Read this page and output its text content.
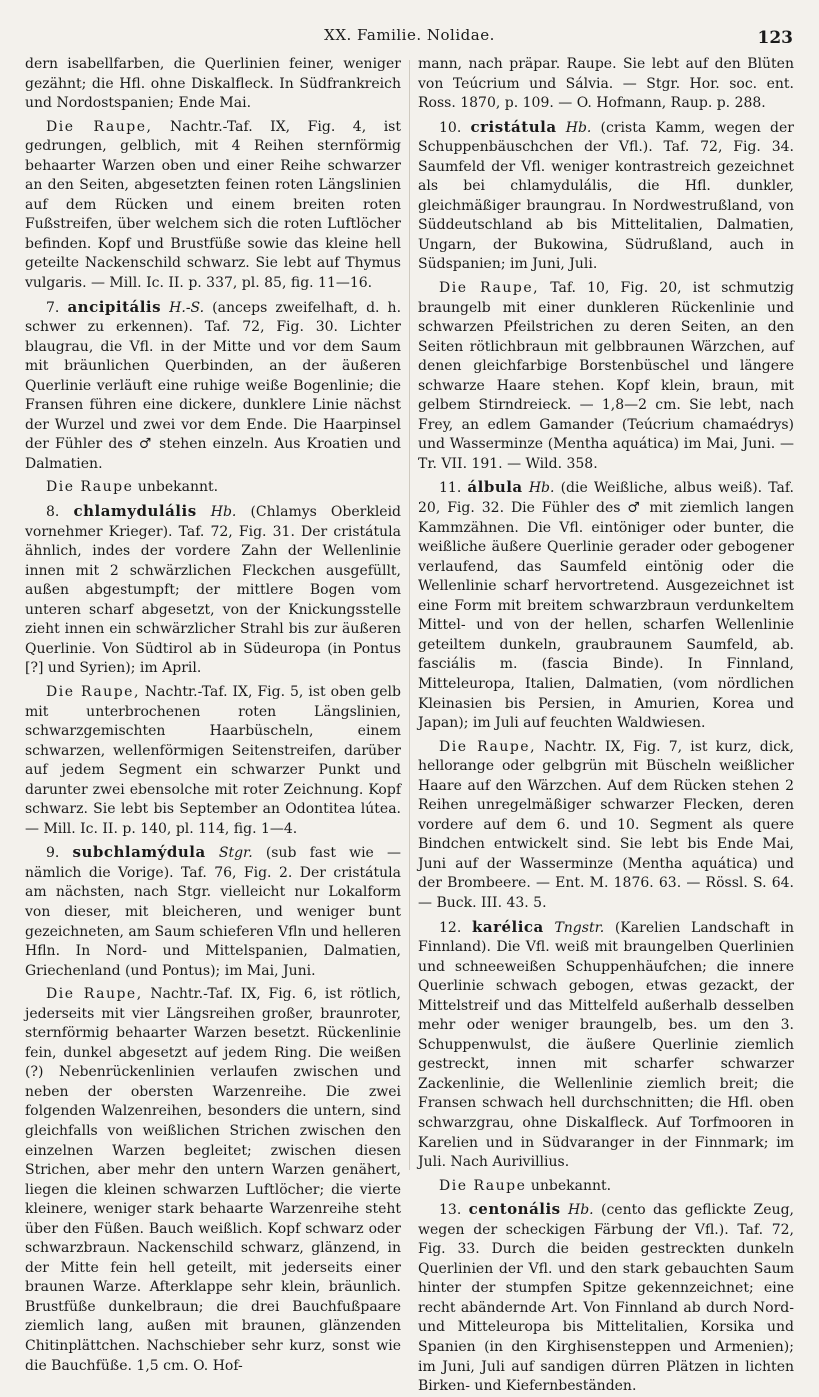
XX. Familie. Nolidae.	123

dern isabellfarben, die Querlinien feiner, weniger gezähnt; die Hfl. ohne Diskalfleck. In Südfrankreich und Nordostspanien; Ende Mai.

Die Raupe, Nachtr.-Taf. IX, Fig. 4, ist gedrungen, gelblich, mit 4 Reihen sternförmig behaarter Warzen oben und einer Reihe schwarzer an den Seiten, abgesetzten feinen roten Längslinien auf dem Rücken und einem breiten roten Fußstreifen, über welchem sich die roten Luftlöcher befinden. Kopf und Brustfüße sowie das kleine hell geteilte Nackenschild schwarz. Sie lebt auf Thymus vulgaris. — Mill. Ic. II. p. 337, pl. 85, fig. 11—16.

7. ancipitális H.-S. (anceps zweifelhaft, d. h. schwer zu erkennen). Taf. 72, Fig. 30. Lichter blaugrau, die Vfl. in der Mitte und vor dem Saum mit bräunlichen Querbinden, an der äußeren Querlinie verläuft eine ruhige weiße Bogenlinie; die Fransen führen eine dickere, dunklere Linie nächst der Wurzel und zwei vor dem Ende. Die Haarpinsel der Fühler des ♂ stehen einzeln. Aus Kroatien und Dalmatien.

Die Raupe unbekannt.

8. chlamydulális Hb. (Chlamys Oberkleid vornehmer Krieger). Taf. 72, Fig. 31. Der cristátula ähnlich, indes der vordere Zahn der Wellenlinie innen mit 2 schwärzlichen Fleckchen ausgefüllt, außen abgestumpft; der mittlere Bogen vom unteren scharf abgesetzt, von der Knickungsstelle zieht innen ein schwärzlicher Strahl bis zur äußeren Querlinie. Von Südtirol ab in Südeuropa (in Pontus [?] und Syrien); im April.

Die Raupe, Nachtr.-Taf. IX, Fig. 5, ist oben gelb mit unterbrochenen roten Längslinien, schwarzgemischten Haarbüscheln, einem schwarzen, wellenförmigen Seitenstreifen, darüber auf jedem Segment ein schwarzer Punkt und darunter zwei ebensolche mit roter Zeichnung. Kopf schwarz. Sie lebt bis September an Odontitea lútea. — Mill. Ic. II. p. 140, pl. 114, fig. 1—4.

9. subchlamýdula Stgr. (sub fast wie — nämlich die Vorige). Taf. 76, Fig. 2. Der cristátula am nächsten, nach Stgr. vielleicht nur Lokalform von dieser, mit bleicheren, und weniger bunt gezeichneten, am Saum schieferen Vfln und helleren Hfln. In Nord- und Mittelspanien, Dalmatien, Griechenland (und Pontus); im Mai, Juni.

Die Raupe, Nachtr.-Taf. IX, Fig. 6, ist rötlich, jederseits mit vier Längsreihen großer, braunroter, sternförmig behaarter Warzen besetzt. Rückenlinie fein, dunkel abgesetzt auf jedem Ring. Die weißen (?) Nebenrückenlinien verlaufen zwischen und neben der obersten Warzenreihe. Die zwei folgenden Walzenreihen, besonders die untern, sind gleichfalls von weißlichen Strichen zwischen den einzelnen Warzen begleitet; zwischen diesen Strichen, aber mehr den untern Warzen genähert, liegen die kleinen schwarzen Luftlöcher; die vierte kleinere, weniger stark behaarte Warzenreihe steht über den Füßen. Bauch weißlich. Kopf schwarz oder schwarzbraun. Nackenschild schwarz, glänzend, in der Mitte fein hell geteilt, mit jederseits einer braunen Warze. Afterklappe sehr klein, bräunlich. Brustfüße dunkelbraun; die drei Bauchfußpaare ziemlich lang, außen mit braunen, glänzenden Chitinplättchen. Nachschieber sehr kurz, sonst wie die Bauchfüße. 1,5 cm. O. Hof-

mann, nach präpar. Raupe. Sie lebt auf den Blüten von Teúcrium und Sálvia. — Stgr. Hor. soc. ent. Ross. 1870, p. 109. — O. Hofmann, Raup. p. 288.

10. cristátula Hb. (crista Kamm, wegen der Schuppenbäuschchen der Vfl.). Taf. 72, Fig. 34. Saumfeld der Vfl. weniger kontrastreich gezeichnet als bei chlamydulális, die Hfl. dunkler, gleichmäßiger braungrau. In Nordwestrußland, von Süddeutschland ab bis Mittelitalien, Dalmatien, Ungarn, der Bukowina, Südrußland, auch in Südspanien; im Juni, Juli.

Die Raupe, Taf. 10, Fig. 20, ist schmutzig braungelb mit einer dunkleren Rückenlinie und schwarzen Pfeilstrichen zu deren Seiten, an den Seiten rötlichbraun mit gelbbraunen Wärzchen, auf denen gleichfarbige Borstenbüschel und längere schwarze Haare stehen. Kopf klein, braun, mit gelbem Stirndreieck. — 1,8—2 cm. Sie lebt, nach Frey, an edlem Gamander (Teúcrium chamaédrys) und Wasserminze (Mentha aquática) im Mai, Juni. — Tr. VII. 191. — Wild. 358.

11. álbula Hb. (die Weißliche, albus weiß). Taf. 20, Fig. 32. Die Fühler des ♂ mit ziemlich langen Kammzähnen. Die Vfl. eintöniger oder bunter, die weißliche äußere Querlinie gerader oder gebogener verlaufend, das Saumfeld eintönig oder die Wellenlinie scharf hervortretend. Ausgezeichnet ist eine Form mit breitem schwarzbraun verdunkeltem Mittel- und von der hellen, scharfen Wellenlinie geteiltem dunkeln, graubraunem Saumfeld, ab. fasciális m. (fascia Binde). In Finnland, Mitteleuropa, Italien, Dalmatien, (vom nördlichen Kleinasien bis Persien, in Amurien, Korea und Japan); im Juli auf feuchten Waldwiesen.

Die Raupe, Nachtr. IX, Fig. 7, ist kurz, dick, hellorange oder gelbgrün mit Büscheln weißlicher Haare auf den Wärzchen. Auf dem Rücken stehen 2 Reihen unregelmäßiger schwarzer Flecken, deren vordere auf dem 6. und 10. Segment als quere Bindchen entwickelt sind. Sie lebt bis Ende Mai, Juni auf der Wasserminze (Mentha aquática) und der Brombeere. — Ent. M. 1876. 63. — Rössl. S. 64. — Buck. III. 43. 5.

12. karélica Tngstr. (Karelien Landschaft in Finnland). Die Vfl. weiß mit braungelben Querlinien und schneeweißen Schuppenhäufchen; die innere Querlinie schwach gebogen, etwas gezackt, der Mittelstreif und das Mittelfeld außerhalb desselben mehr oder weniger braungelb, bes. um den 3. Schuppenwulst, die äußere Querlinie ziemlich gestreckt, innen mit scharfer schwarzer Zackenlinie, die Wellenlinie ziemlich breit; die Fransen schwach hell durchschnitten; die Hfl. oben schwarzgrau, ohne Diskalfleck. Auf Torfmooren in Karelien und in Südvaranger in der Finnmark; im Juli. Nach Aurivillius.

Die Raupe unbekannt.

13. centonális Hb. (cento das geflickte Zeug, wegen der scheckigen Färbung der Vfl.). Taf. 72, Fig. 33. Durch die beiden gestreckten dunkeln Querlinien der Vfl. und den stark gebauchten Saum hinter der stumpfen Spitze gekennzeichnet; eine recht abändernde Art. Von Finnland ab durch Nord- und Mitteleuropa bis Mittelitalien, Korsika und Spanien (in den Kirghisensteppen und Armenien); im Juni, Juli auf sandigen dürren Plätzen in lichten Birken- und Kiefernbeständen.
